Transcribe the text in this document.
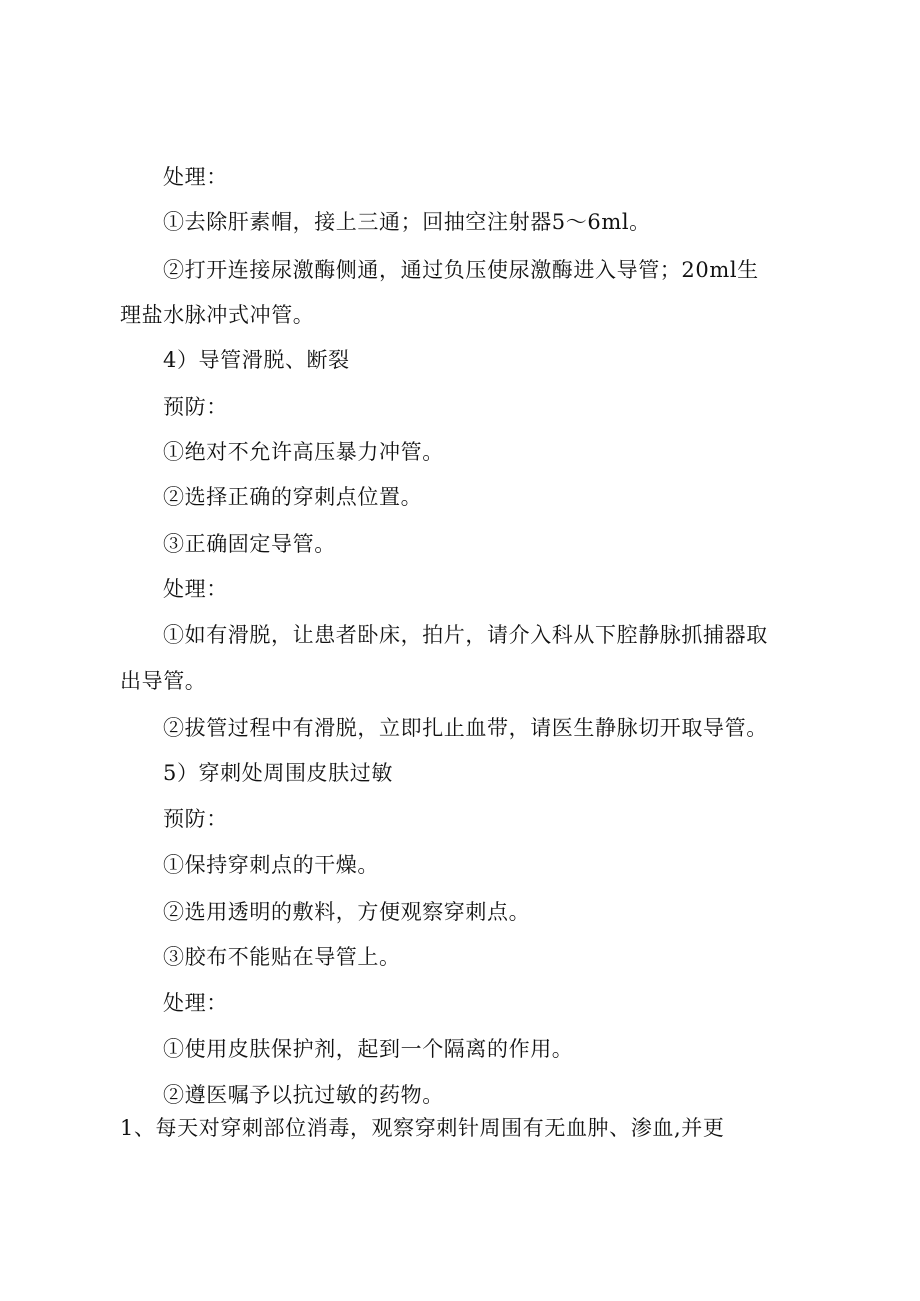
处理：
①去除肝素帽，接上三通；回抽空注射器5～6ml。
②打开连接尿激酶侧通，通过负压使尿激酶进入导管；20ml生
理盐水脉冲式冲管。
4）导管滑脱、断裂
预防：
①绝对不允许高压暴力冲管。
②选择正确的穿刺点位置。
③正确固定导管。
处理：
①如有滑脱，让患者卧床，拍片，请介入科从下腔静脉抓捕器取
出导管。
②拔管过程中有滑脱，立即扎止血带，请医生静脉切开取导管。
5）穿刺处周围皮肤过敏
预防：
①保持穿刺点的干燥。
②选用透明的敷料，方便观察穿刺点。
③胶布不能贴在导管上。
处理：
①使用皮肤保护剂，起到一个隔离的作用。
②遵医嘱予以抗过敏的药物。
1、每天对穿刺部位消毒，观察穿刺针周围有无血肿、渗血,并更
